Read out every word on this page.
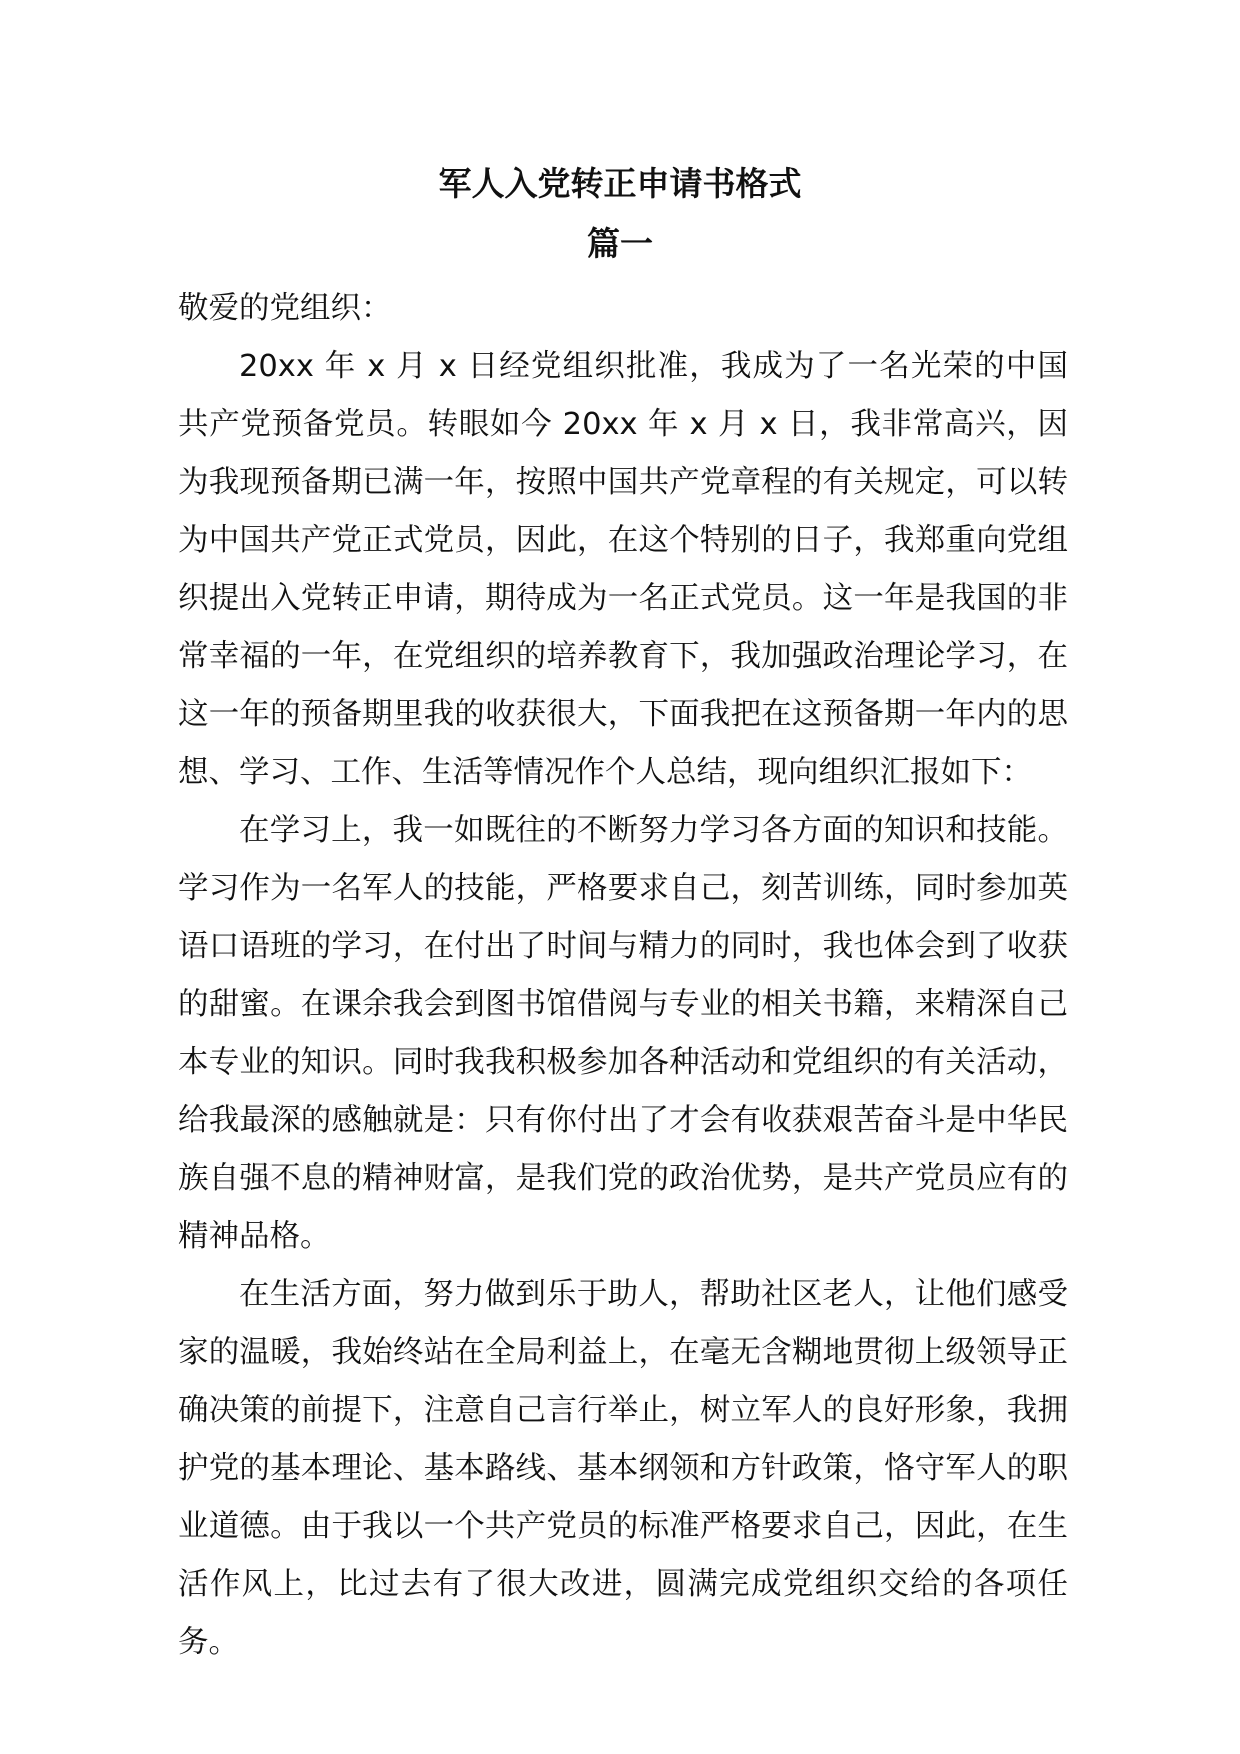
军人入党转正申请书格式
篇一

敬爱的党组织：

20xx 年 x 月 x 日经党组织批准，我成为了一名光荣的中国共产党预备党员。转眼如今 20xx 年 x 月 x 日，我非常高兴，因为我现预备期已满一年，按照中国共产党章程的有关规定，可以转为中国共产党正式党员，因此，在这个特别的日子，我郑重向党组织提出入党转正申请，期待成为一名正式党员。这一年是我国的非常幸福的一年，在党组织的培养教育下，我加强政治理论学习，在这一年的预备期里我的收获很大，下面我把在这预备期一年内的思想、学习、工作、生活等情况作个人总结，现向组织汇报如下：

在学习上，我一如既往的不断努力学习各方面的知识和技能。学习作为一名军人的技能，严格要求自己，刻苦训练，同时参加英语口语班的学习，在付出了时间与精力的同时，我也体会到了收获的甜蜜。在课余我会到图书馆借阅与专业的相关书籍，来精深自己本专业的知识。同时我我积极参加各种活动和党组织的有关活动，给我最深的感触就是：只有你付出了才会有收获艰苦奋斗是中华民族自强不息的精神财富，是我们党的政治优势，是共产党员应有的精神品格。

在生活方面，努力做到乐于助人，帮助社区老人，让他们感受家的温暖，我始终站在全局利益上，在毫无含糊地贯彻上级领导正确决策的前提下，注意自己言行举止，树立军人的良好形象，我拥护党的基本理论、基本路线、基本纲领和方针政策，恪守军人的职业道德。由于我以一个共产党员的标准严格要求自己，因此，在生活作风上，比过去有了很大改进，圆满完成党组织交给的各项任务。
